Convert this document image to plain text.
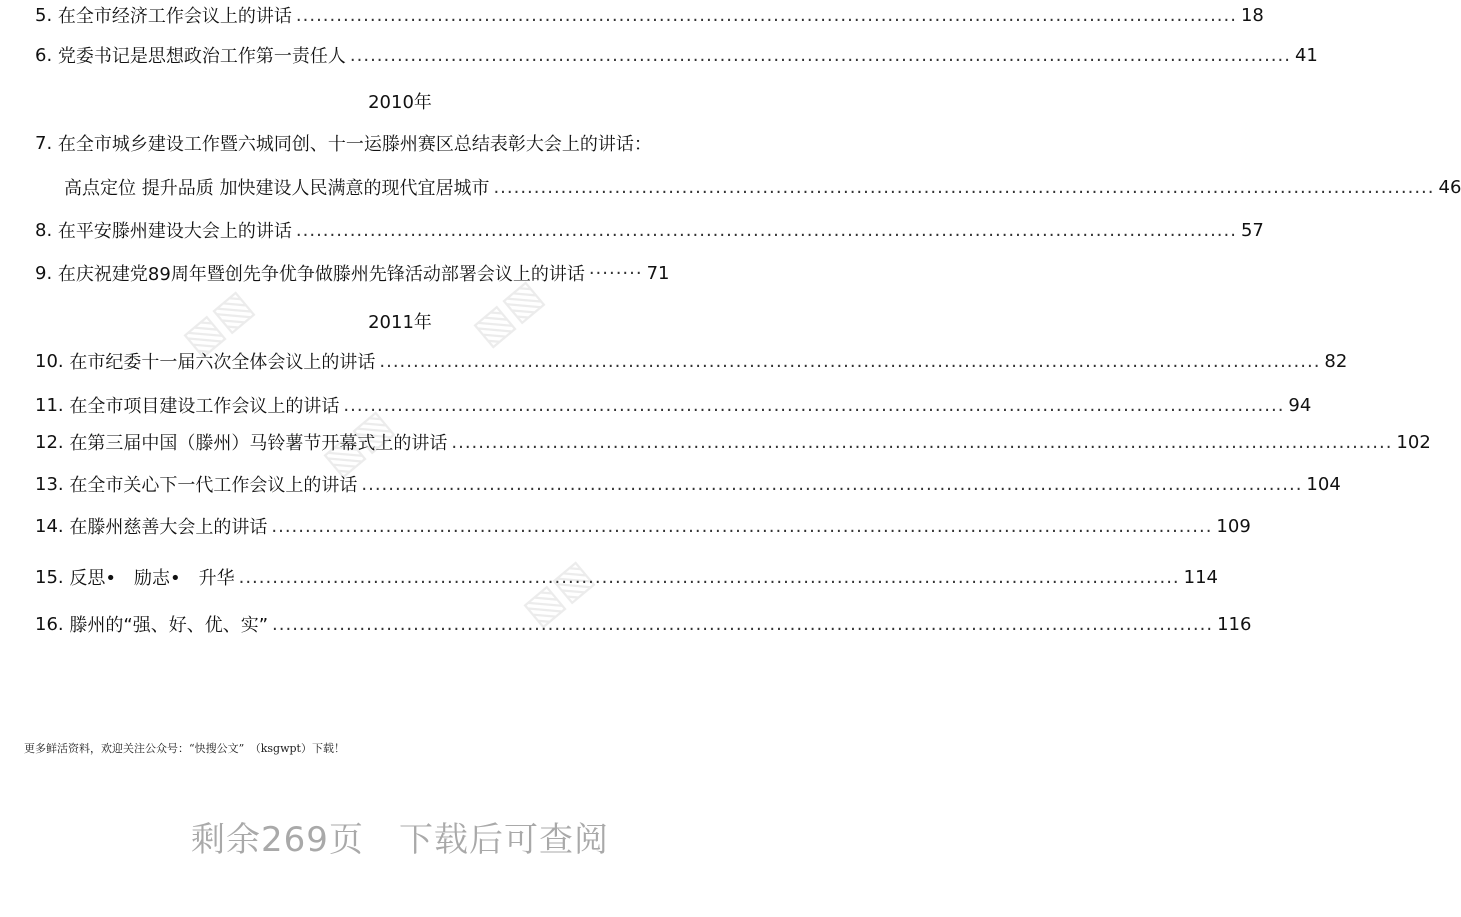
▧▧	▧▧
▧▧
▧▧
5.
在全市经济工作会议上的讲话 ............................................................................................................................................ 18
6.
党委书记是思想政治工作第一责任人 ............................................................................................................................................ 41
2010年
7.
在全市城乡建设工作暨六城同创、十一运滕州赛区总结表彰大会上的讲话：
高点定位 提升品质 加快建设人民满意的现代宜居城市 ............................................................................................................................................ 46
8.
在平安滕州建设大会上的讲话 ............................................................................................................................................ 57
9.
在庆祝建党89周年暨创先争优争做滕州先锋活动部署会议上的讲话 ········ 71
2011年
10.
在市纪委十一届六次全体会议上的讲话 ............................................................................................................................................ 82
11.
在全市项目建设工作会议上的讲话 ............................................................................................................................................ 94
12.
在第三届中国（滕州）马铃薯节开幕式上的讲话 ............................................................................................................................................ 102
13.
在全市关心下一代工作会议上的讲话 ............................................................................................................................................ 104
14.
在滕州慈善大会上的讲话 ............................................................................................................................................ 109
15.
反思•　励志•　升华 ............................................................................................................................................ 114
16.
滕州的“强、好、优、实” ............................................................................................................................................ 116
更多鲜活资料，欢迎关注公众号：“快搜公文”　（ksgwpt）下载！
剩余269页　下载后可查阅
